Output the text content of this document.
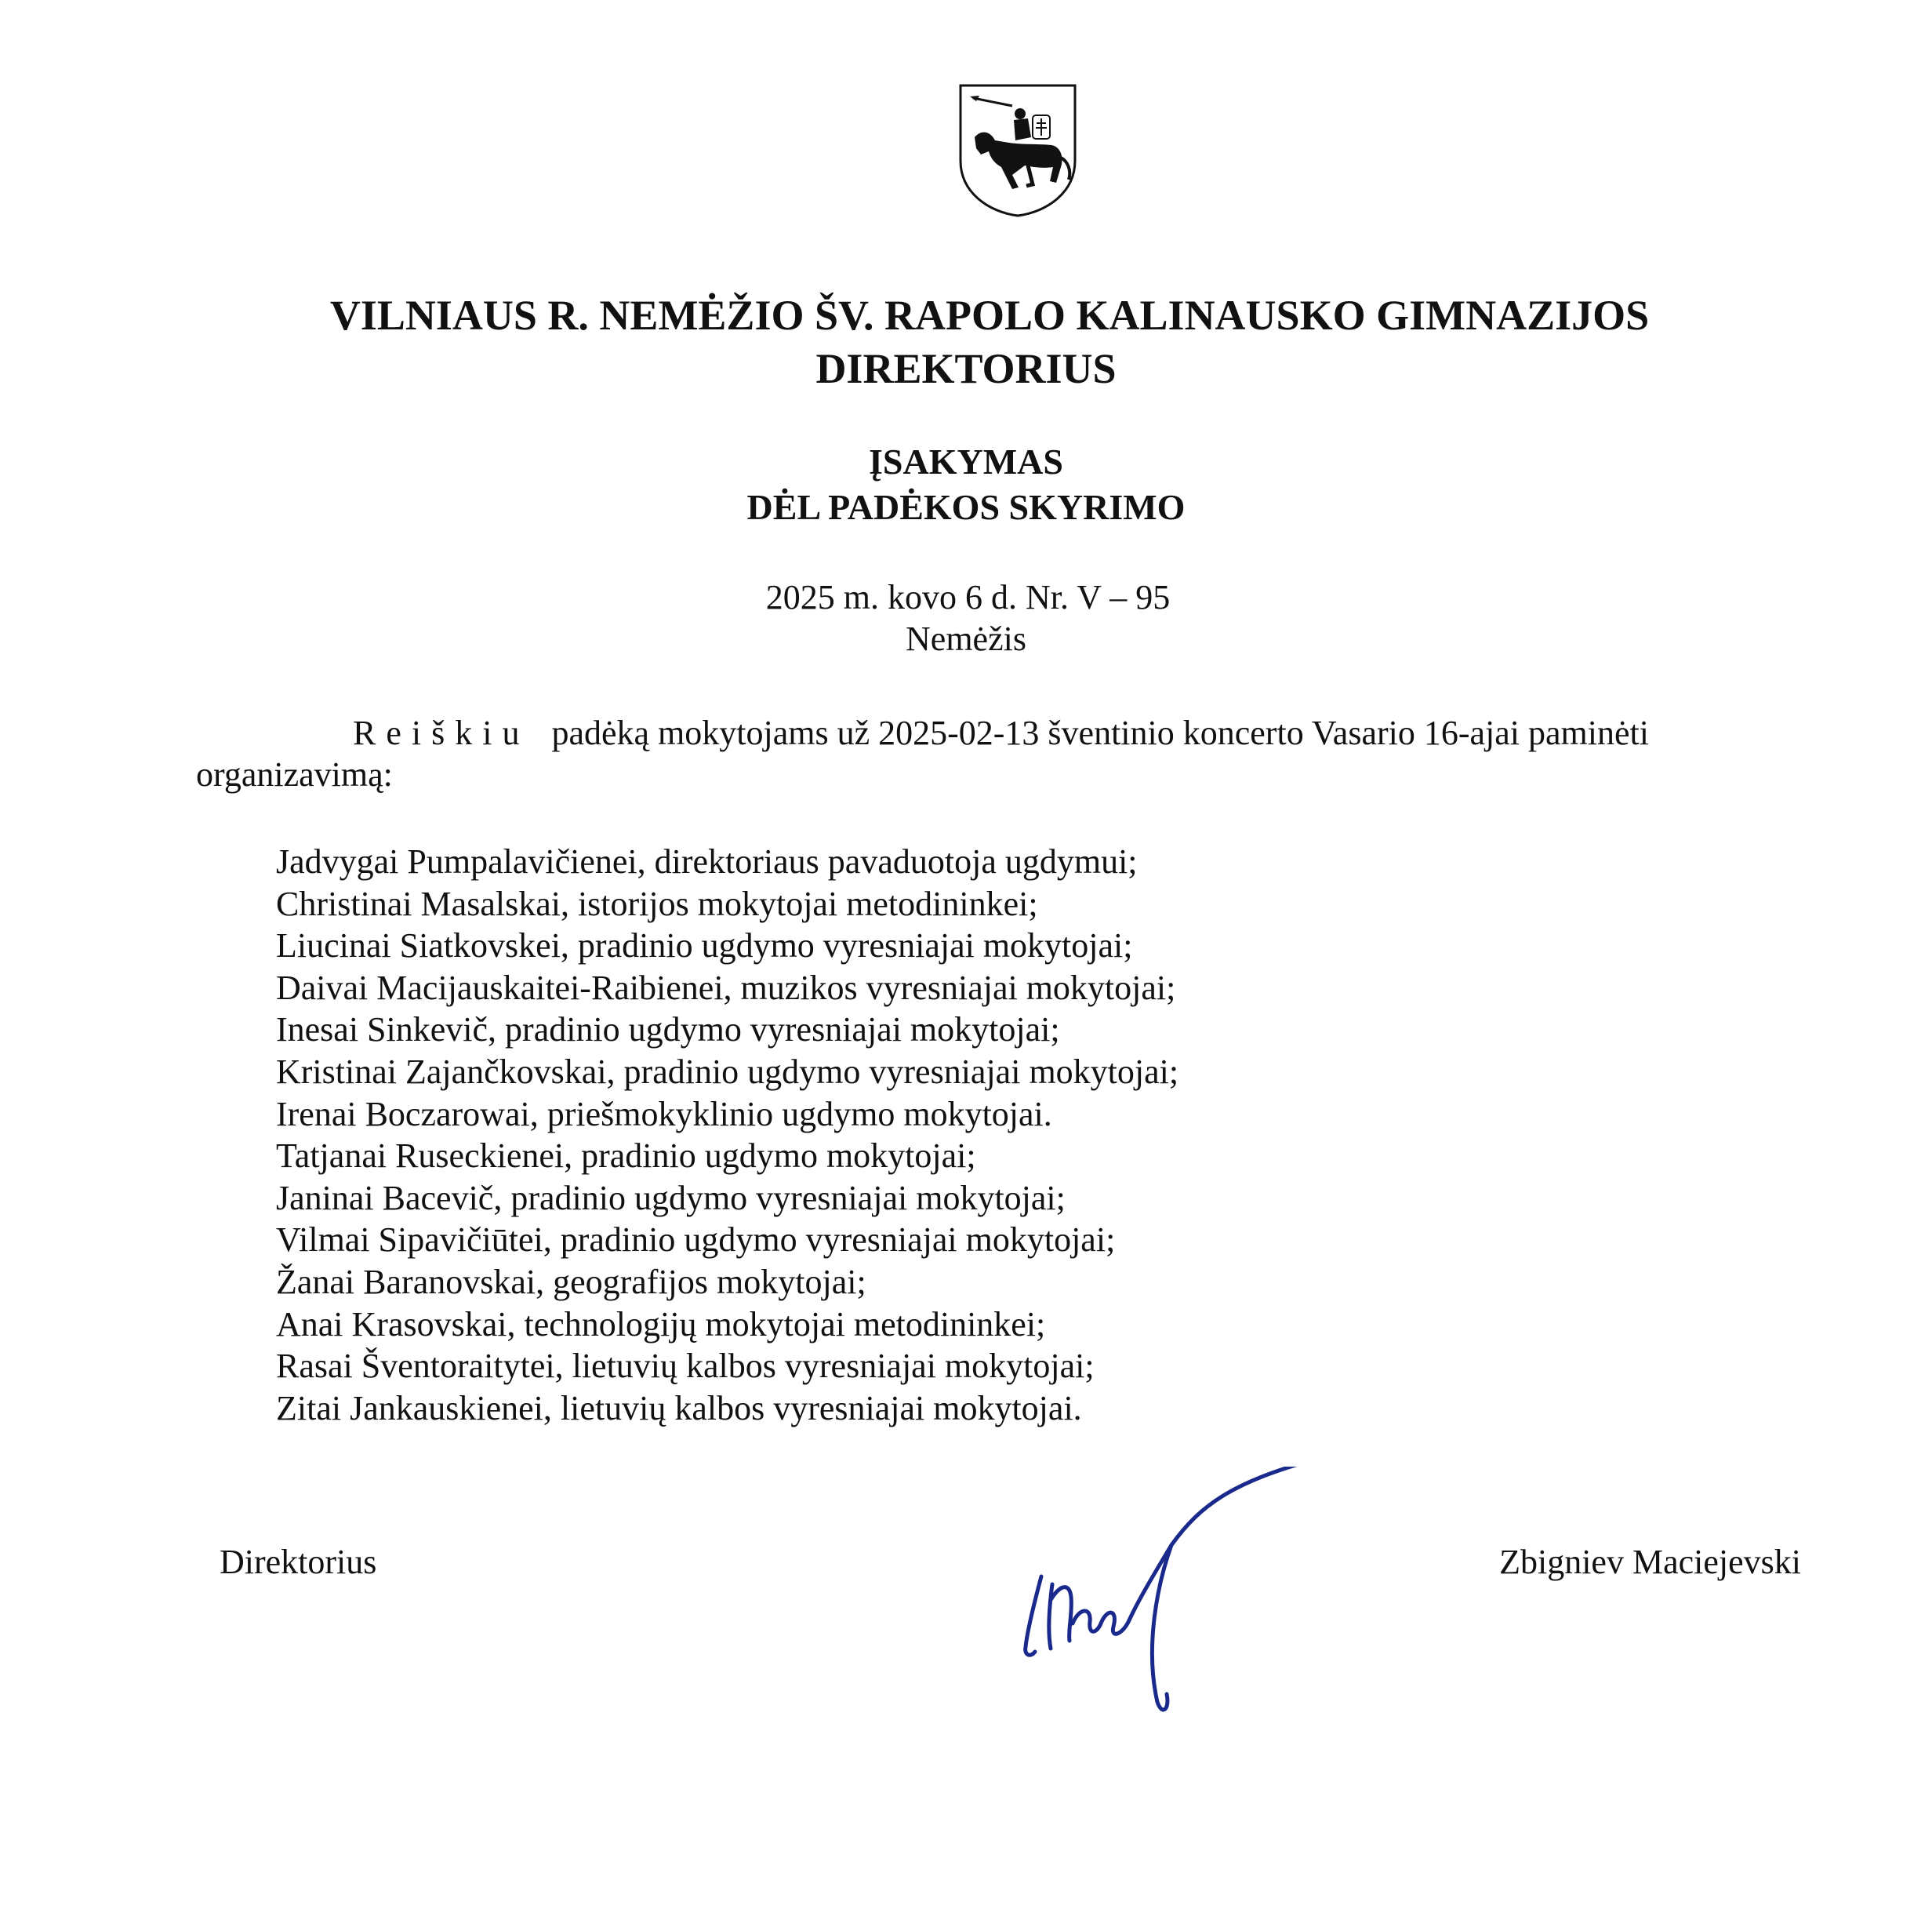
VILNIAUS R. NEMĖŽIO ŠV. RAPOLO KALINAUSKO GIMNAZIJOS
DIREKTORIUS
ĮSAKYMAS
DĖL PADĖKOS SKYRIMO
2025 m. kovo 6 d. Nr. V – 95
Nemėžis
Reiškiu padėką mokytojams už 2025-02-13 šventinio koncerto Vasario 16-ajai paminėti
organizavimą:
Jadvygai Pumpalavičienei, direktoriaus pavaduotoja ugdymui;
Christinai Masalskai, istorijos mokytojai metodininkei;
Liucinai Siatkovskei, pradinio ugdymo vyresniajai mokytojai;
Daivai Macijauskaitei-Raibienei, muzikos vyresniajai mokytojai;
Inesai Sinkevič, pradinio ugdymo vyresniajai mokytojai;
Kristinai Zajančkovskai, pradinio ugdymo vyresniajai mokytojai;
Irenai Boczarowai, priešmokyklinio ugdymo mokytojai.
Tatjanai Ruseckienei, pradinio ugdymo mokytojai;
Janinai Bacevič, pradinio ugdymo vyresniajai mokytojai;
Vilmai Sipavičiūtei, pradinio ugdymo vyresniajai mokytojai;
Žanai Baranovskai, geografijos mokytojai;
Anai Krasovskai, technologijų mokytojai metodininkei;
Rasai Šventoraitytei, lietuvių kalbos vyresniajai mokytojai;
Zitai Jankauskienei, lietuvių kalbos vyresniajai mokytojai.
Direktorius	Zbigniev Maciejevski
